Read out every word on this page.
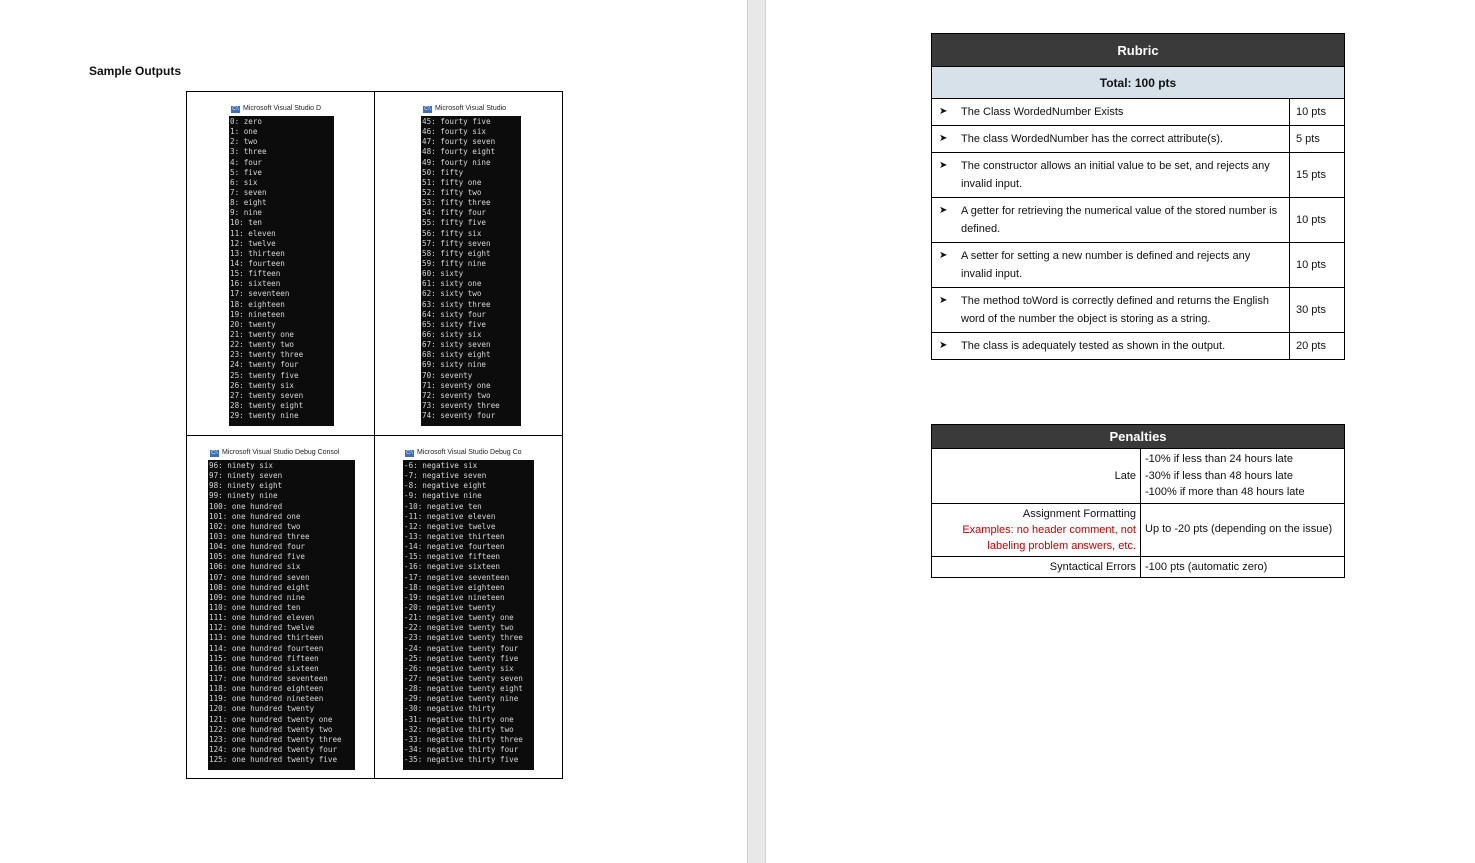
Sample Outputs
C:\ Microsoft Visual Studio D
0: zero
1: one
2: two
3: three
4: four
5: five
6: six
7: seven
8: eight
9: nine
10: ten
11: eleven
12: twelve
13: thirteen
14: fourteen
15: fifteen
16: sixteen
17: seventeen
18: eighteen
19: nineteen
20: twenty
21: twenty one
22: twenty two
23: twenty three
24: twenty four
25: twenty five
26: twenty six
27: twenty seven
28: twenty eight
29: twenty nine
C:\ Microsoft Visual Studio
45: fourty five
46: fourty six
47: fourty seven
48: fourty eight
49: fourty nine
50: fifty
51: fifty one
52: fifty two
53: fifty three
54: fifty four
55: fifty five
56: fifty six
57: fifty seven
58: fifty eight
59: fifty nine
60: sixty
61: sixty one
62: sixty two
63: sixty three
64: sixty four
65: sixty five
66: sixty six
67: sixty seven
68: sixty eight
69: sixty nine
70: seventy
71: seventy one
72: seventy two
73: seventy three
74: seventy four
C:\ Microsoft Visual Studio Debug Consol
96: ninety six
97: ninety seven
98: ninety eight
99: ninety nine
100: one hundred
101: one hundred one
102: one hundred two
103: one hundred three
104: one hundred four
105: one hundred five
106: one hundred six
107: one hundred seven
108: one hundred eight
109: one hundred nine
110: one hundred ten
111: one hundred eleven
112: one hundred twelve
113: one hundred thirteen
114: one hundred fourteen
115: one hundred fifteen
116: one hundred sixteen
117: one hundred seventeen
118: one hundred eighteen
119: one hundred nineteen
120: one hundred twenty
121: one hundred twenty one
122: one hundred twenty two
123: one hundred twenty three
124: one hundred twenty four
125: one hundred twenty five
C:\ Microsoft Visual Studio Debug Co
-6: negative six
-7: negative seven
-8: negative eight
-9: negative nine
-10: negative ten
-11: negative eleven
-12: negative twelve
-13: negative thirteen
-14: negative fourteen
-15: negative fifteen
-16: negative sixteen
-17: negative seventeen
-18: negative eighteen
-19: negative nineteen
-20: negative twenty
-21: negative twenty one
-22: negative twenty two
-23: negative twenty three
-24: negative twenty four
-25: negative twenty five
-26: negative twenty six
-27: negative twenty seven
-28: negative twenty eight
-29: negative twenty nine
-30: negative thirty
-31: negative thirty one
-32: negative thirty two
-33: negative thirty three
-34: negative thirty four
-35: negative thirty five
Rubric	
Total: 100 pts	

➤ The Class WordedNumber Exists	10 pts

➤ The class WordedNumber has the correct attribute(s).	5 pts

➤ The constructor allows an initial value to be set, and rejects any invalid input.	15 pts

➤ A getter for retrieving the numerical value of the stored number is defined.	10 pts

➤ A setter for setting a new number is defined and rejects any invalid input.	10 pts

➤ The method toWord is correctly defined and returns the English word of the number the object is storing as a string.	30 pts

➤ The class is adequately tested as shown in the output.	20 pts
Penalties	
Late	-10% if less than 24 hours late
-30% if less than 48 hours late
-100% if more than 48 hours late

Assignment Formatting
Examples: no header comment, not labeling problem answers, etc.	Up to -20 pts (depending on the issue)
Syntactical Errors	-100 pts (automatic zero)
